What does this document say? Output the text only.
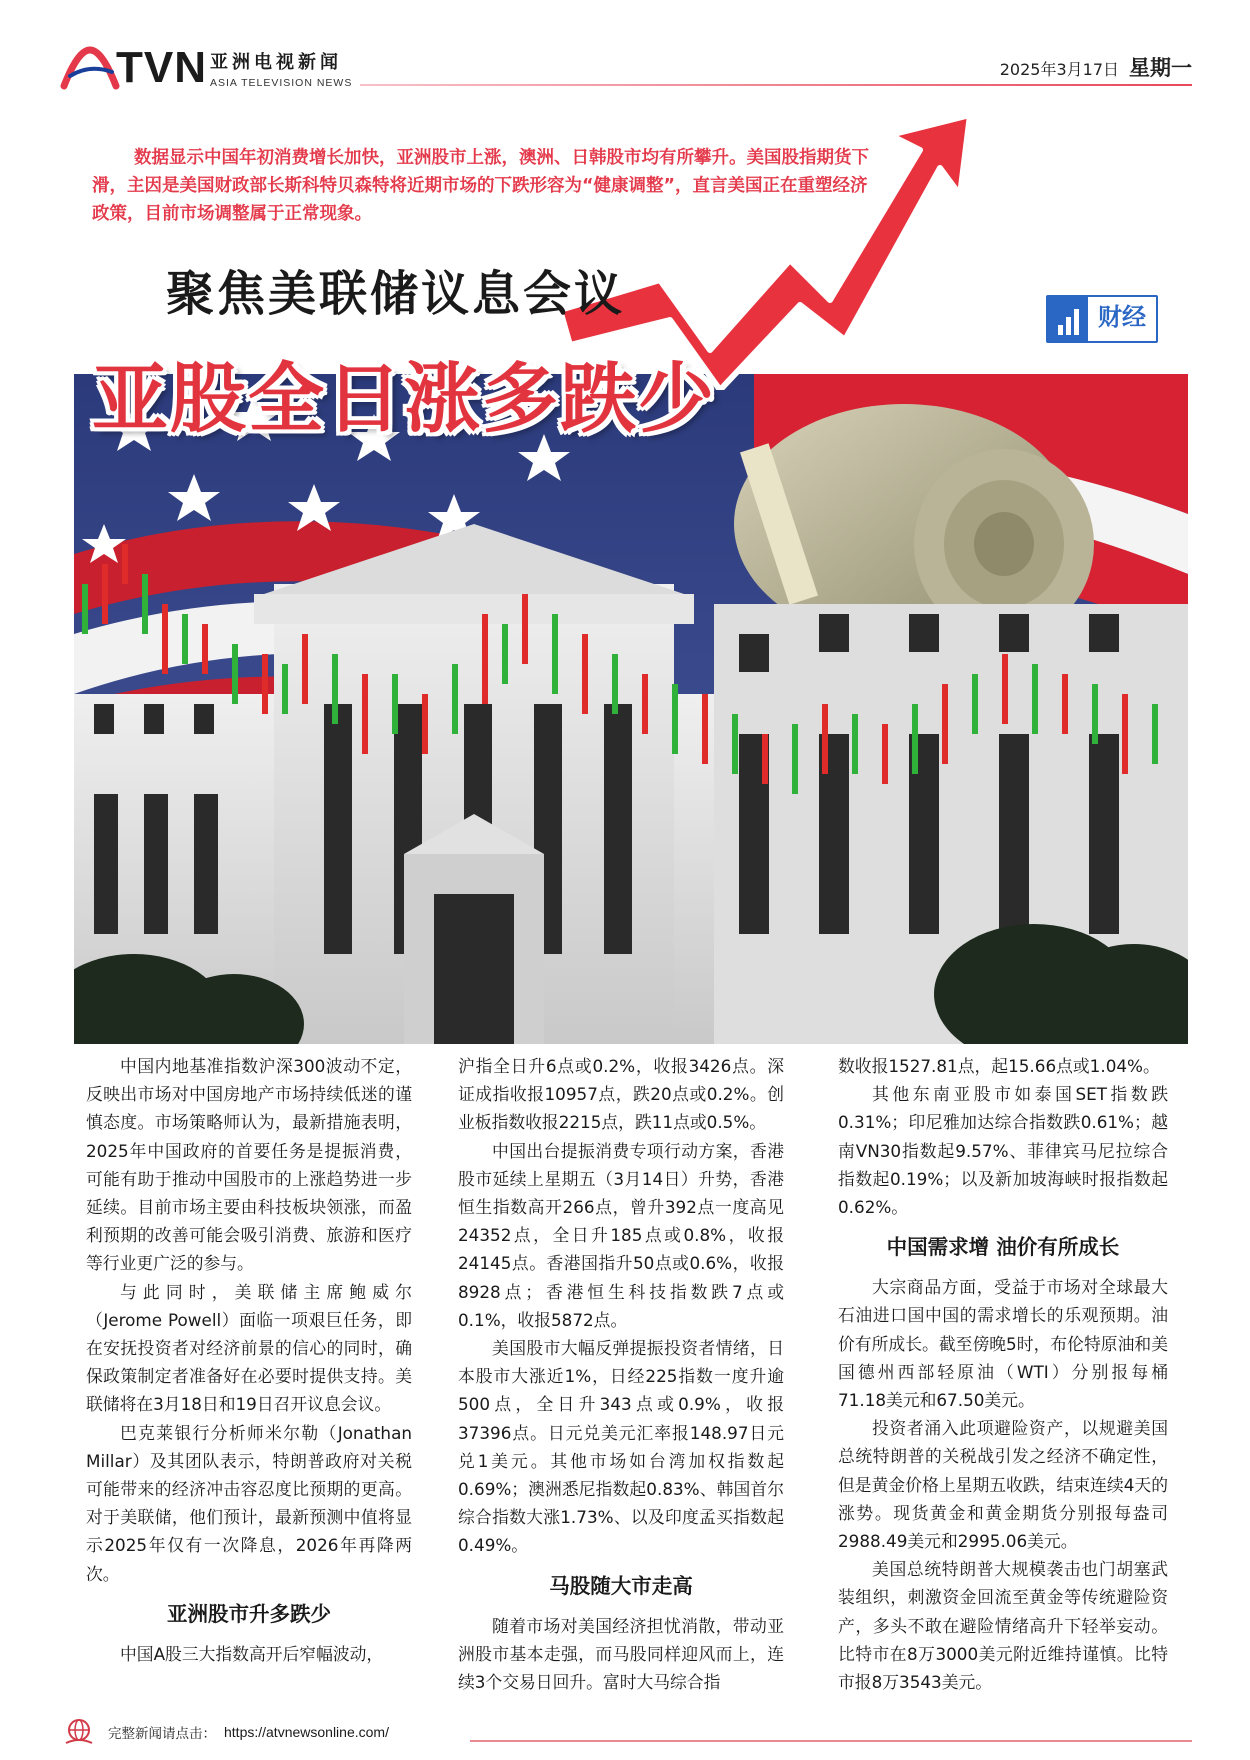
TVN 亚洲电视新闻
ASIA TELEVISION NEWS
2025年3月17日 星期一
数据显示中国年初消费增长加快，亚洲股市上涨，澳洲、日韩股市均有所攀升。美国股指期货下滑，主因是美国财政部长斯科特贝森特将近期市场的下跌形容为“健康调整”，直言美国正在重塑经济政策，目前市场调整属于正常现象。
聚焦美联储议息会议
亚股全日涨多跌少
财经

中国内地基准指数沪深300波动不定，反映出市场对中国房地产市场持续低迷的谨慎态度。市场策略师认为，最新措施表明，2025年中国政府的首要任务是提振消费，可能有助于推动中国股市的上涨趋势进一步延续。目前市场主要由科技板块领涨，而盈利预期的改善可能会吸引消费、旅游和医疗等行业更广泛的参与。

与此同时，美联储主席鲍威尔（Jerome Powell）面临一项艰巨任务，即在安抚投资者对经济前景的信心的同时，确保政策制定者准备好在必要时提供支持。美联储将在3月18日和19日召开议息会议。

巴克莱银行分析师米尔勒（Jonathan Millar）及其团队表示，特朗普政府对关税可能带来的经济冲击容忍度比预期的更高。对于美联储，他们预计，最新预测中值将显示2025年仅有一次降息，2026年再降两次。

亚洲股市升多跌少

中国A股三大指数高开后窄幅波动，

沪指全日升6点或0.2%，收报3426点。深证成指收报10957点，跌20点或0.2%。创业板指数收报2215点，跌11点或0.5%。

中国出台提振消费专项行动方案，香港股市延续上星期五（3月14日）升势，香港恒生指数高开266点，曾升392点一度高见24352点，全日升185点或0.8%，收报24145点。香港国指升50点或0.6%，收报8928点；香港恒生科技指数跌7点或0.1%，收报5872点。

美国股市大幅反弹提振投资者情绪，日本股市大涨近1%，日经225指数一度升逾500点，全日升343点或0.9%，收报37396点。日元兑美元汇率报148.97日元兑1美元。其他市场如台湾加权指数起0.69%；澳洲悉尼指数起0.83%、韩国首尔综合指数大涨1.73%、以及印度孟买指数起0.49%。

马股随大市走高

随着市场对美国经济担忧消散，带动亚洲股市基本走强，而马股同样迎风而上，连续3个交易日回升。富时大马综合指

数收报1527.81点，起15.66点或1.04%。

其他东南亚股市如泰国SET指数跌0.31%；印尼雅加达综合指数跌0.61%；越南VN30指数起9.57%、菲律宾马尼拉综合指数起0.19%；以及新加坡海峡时报指数起0.62%。

中国需求增 油价有所成长

大宗商品方面，受益于市场对全球最大石油进口国中国的需求增长的乐观预期。油价有所成长。截至傍晚5时，布伦特原油和美国德州西部轻原油（WTI）分别报每桶71.18美元和67.50美元。

投资者涌入此项避险资产，以规避美国总统特朗普的关税战引发之经济不确定性，但是黄金价格上星期五收跌，结束连续4天的涨势。现货黄金和黄金期货分别报每盎司2988.49美元和2995.06美元。

美国总统特朗普大规模袭击也门胡塞武装组织，刺激资金回流至黄金等传统避险资产，多头不敢在避险情绪高升下轻举妄动。比特市在8万3000美元附近维持谨慎。比特市报8万3543美元。

完整新闻请点击： https://atvnewsonline.com/
